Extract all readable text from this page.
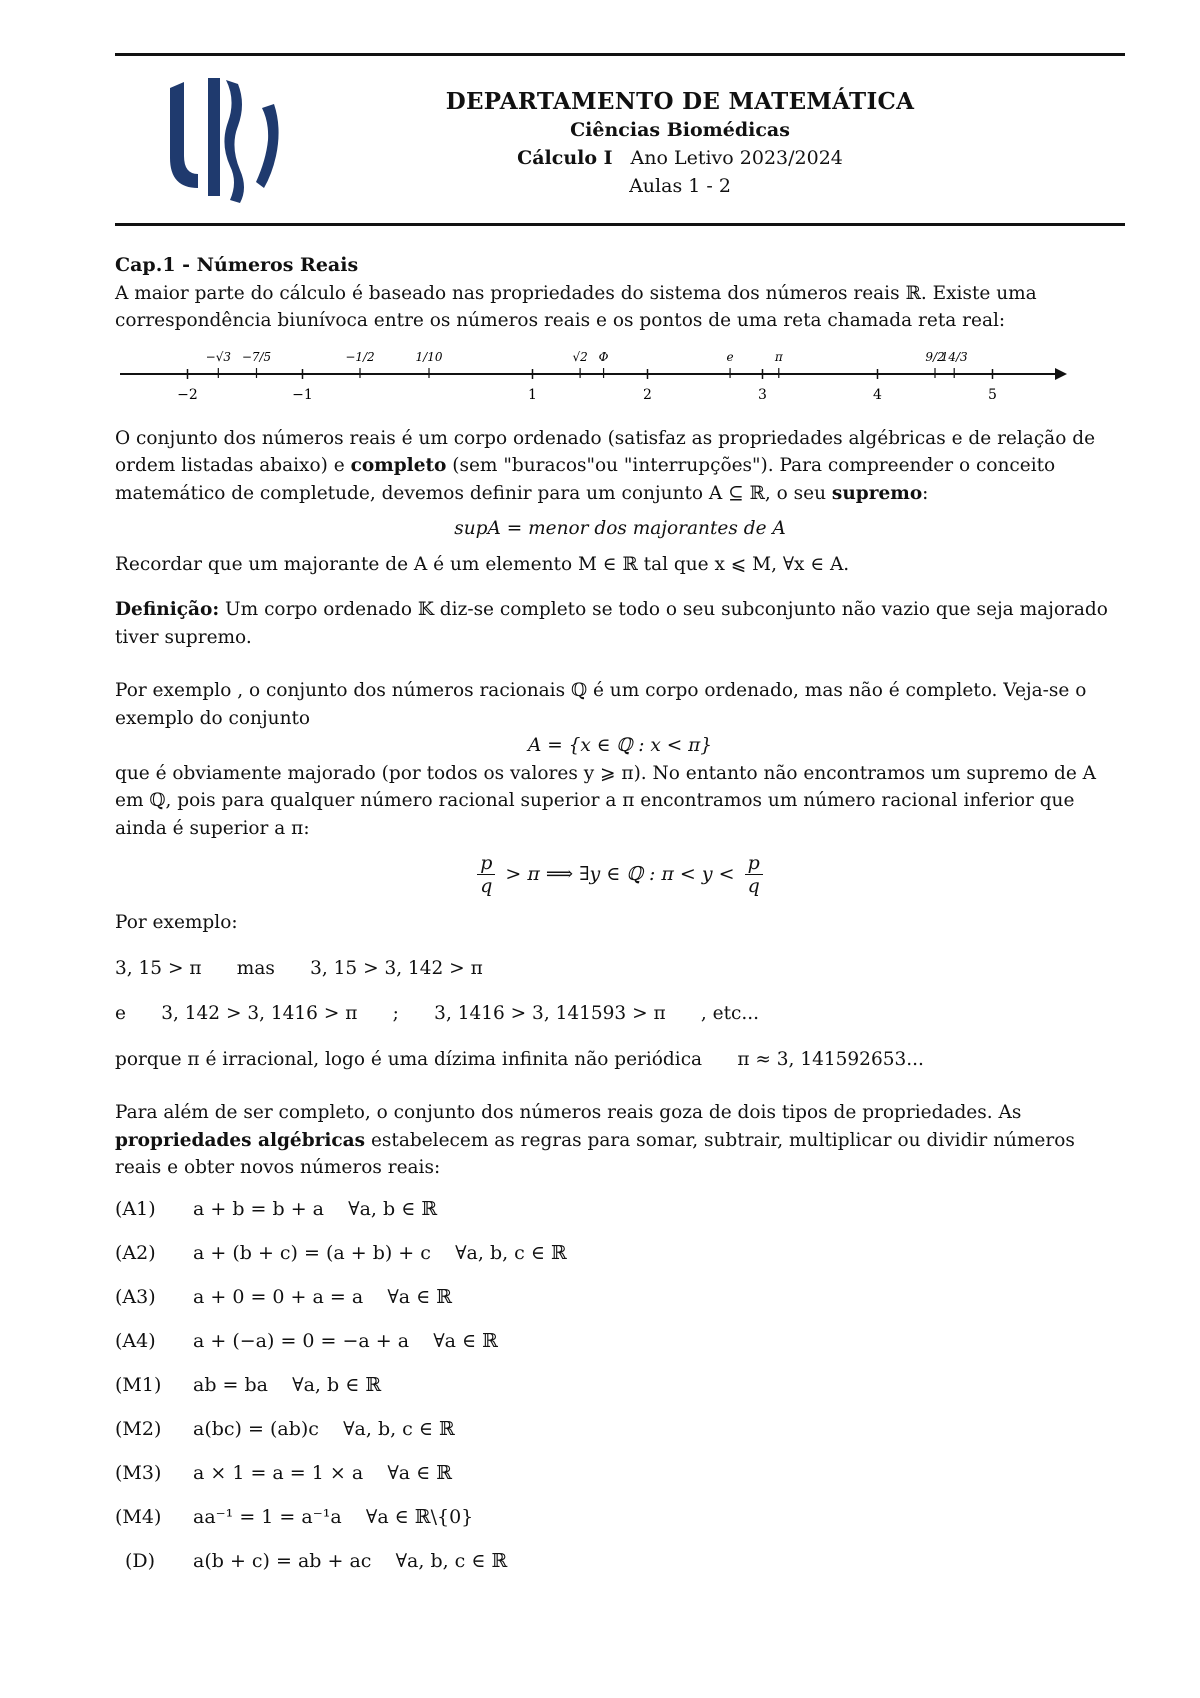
DEPARTAMENTO DE MATEMÁTICA
Ciências Biomédicas
Cálculo I Ano Letivo 2023/2024
Aulas 1 - 2
Cap.1 - Números Reais

A maior parte do cálculo é baseado nas propriedades do sistema dos números reais ℝ. Existe uma correspondência biunívoca entre os números reais e os pontos de uma reta chamada reta real:

−2	−1	1	2	3	4	5
−√3 −7/5	−1/2	1/10	√2 Φ	e	π	9/2
14/3

O conjunto dos números reais é um corpo ordenado (satisfaz as propriedades algébricas e de relação de ordem listadas abaixo) e completo (sem "buracos"ou "interrupções"). Para compreender o conceito matemático de completude, devemos definir para um conjunto A ⊆ ℝ, o seu supremo:

supA = menor dos majorantes de A

Recordar que um majorante de A é um elemento M ∈ ℝ tal que x ⩽ M, ∀x ∈ A.

Definição: Um corpo ordenado 𝕂 diz-se completo se todo o seu subconjunto não vazio que seja majorado tiver supremo.

Por exemplo , o conjunto dos números racionais ℚ é um corpo ordenado, mas não é completo. Veja-se o exemplo do conjunto

A = {x ∈ ℚ : x < π}

que é obviamente majorado (por todos os valores y ⩾ π). No entanto não encontramos um supremo de A em ℚ, pois para qualquer número racional superior a π encontramos um número racional inferior que ainda é superior a π:

$\frac{p}{q} > \pi$ ⟹ ∃y ∈ ℚ : $\pi < y < \frac{p}{q}$

Por exemplo:

3, 15 > π      mas      3, 15 > 3, 142 > π

e      3, 142 > 3, 1416 > π      ;      3, 1416 > 3, 141593 > π      , etc...

porque π é irracional, logo é uma dízima infinita não periódica      π ≈ 3, 141592653...

Para além de ser completo, o conjunto dos números reais goza de dois tipos de propriedades. As propriedades algébricas estabelecem as regras para somar, subtrair, multiplicar ou dividir números reais e obter novos números reais:

(A1)	a + b = b + a    ∀a, b ∈ ℝ
(A2)	a + (b + c) = (a + b) + c    ∀a, b, c ∈ ℝ
(A3)	a + 0 = 0 + a = a    ∀a ∈ ℝ
(A4)	a + (−a) = 0 = −a + a    ∀a ∈ ℝ
(M1)	ab = ba    ∀a, b ∈ ℝ
(M2)	a(bc) = (ab)c    ∀a, b, c ∈ ℝ
(M3)	a × 1 = a = 1 × a    ∀a ∈ ℝ
(M4)	aa⁻¹ = 1 = a⁻¹a    ∀a ∈ ℝ\{0}
(D)	a(b + c) = ab + ac    ∀a, b, c ∈ ℝ
